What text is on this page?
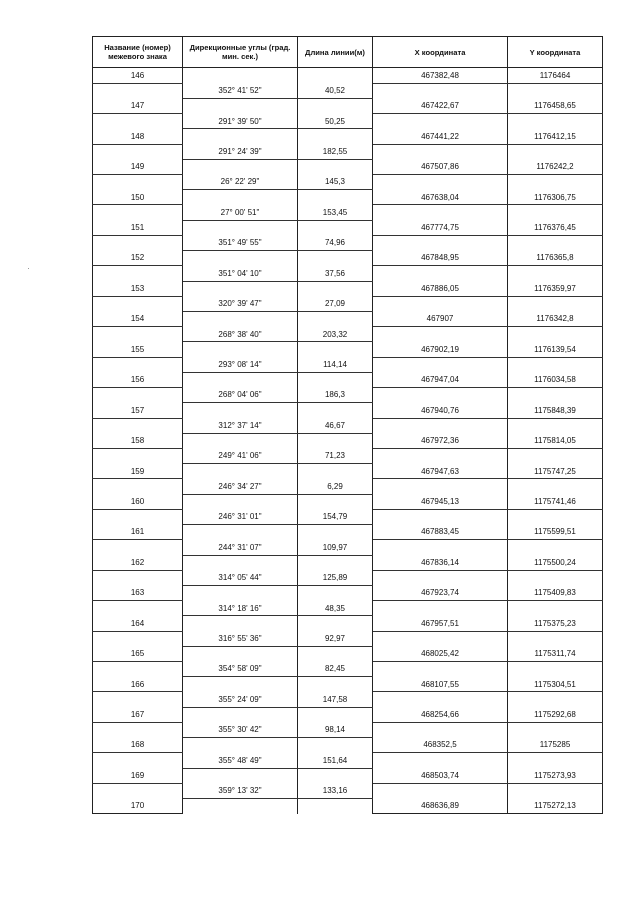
Название (номер) межевого знака	Дирекционные углы (град. мин. сек.)	Длина линии(м)	X координата	Y координата
146			467382,48	1176464
	352° 41' 52"	40,52		
147			467422,67	1176458,65
	291° 39' 50"	50,25		
148			467441,22	1176412,15
	291° 24' 39"	182,55		
149			467507,86	1176242,2
	26° 22' 29"	145,3		
150			467638,04	1176306,75
	27° 00' 51"	153,45		
151			467774,75	1176376,45
	351° 49' 55"	74,96		
152			467848,95	1176365,8
	351° 04' 10"	37,56		
153			467886,05	1176359,97
	320° 39' 47"	27,09		
154			467907	1176342,8
	268° 38' 40"	203,32		
155			467902,19	1176139,54
	293° 08' 14"	114,14		
156			467947,04	1176034,58
	268° 04' 06"	186,3		
157			467940,76	1175848,39
	312° 37' 14"	46,67		
158			467972,36	1175814,05
	249° 41' 06"	71,23		
159			467947,63	1175747,25
	246° 34' 27"	6,29		
160			467945,13	1175741,46
	246° 31' 01"	154,79		
161			467883,45	1175599,51
	244° 31' 07"	109,97		
162			467836,14	1175500,24
	314° 05' 44"	125,89		
163			467923,74	1175409,83
	314° 18' 16"	48,35		
164			467957,51	1175375,23
	316° 55' 36"	92,97		
165			468025,42	1175311,74
	354° 58' 09"	82,45		
166			468107,55	1175304,51
	355° 24' 09"	147,58		
167			468254,66	1175292,68
	355° 30' 42"	98,14		
168			468352,5	1175285
	355° 48' 49"	151,64		
169			468503,74	1175273,93
	359° 13' 32"	133,16		
170			468636,89	1175272,13
